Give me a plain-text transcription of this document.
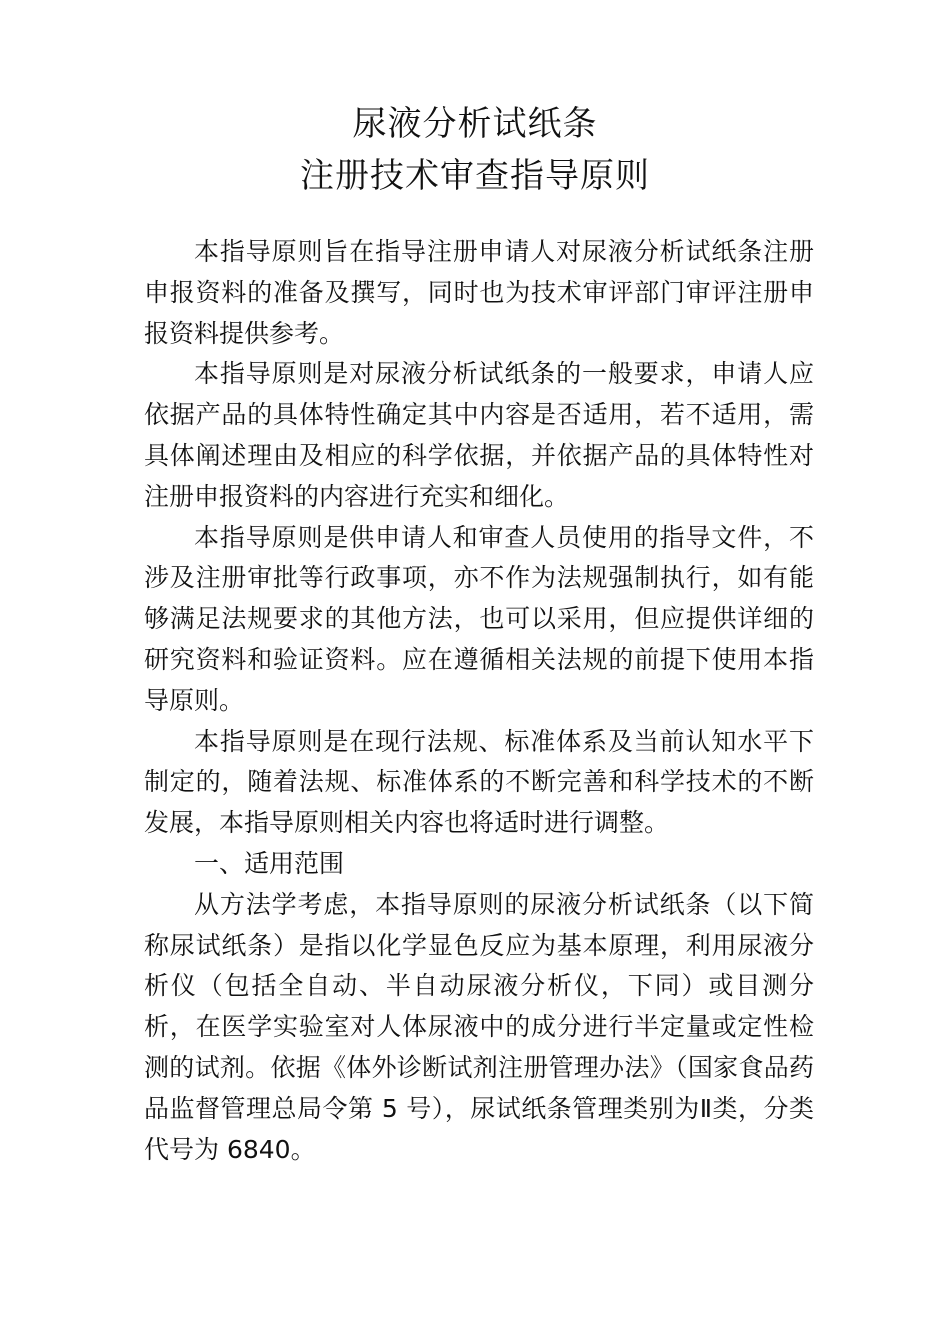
尿液分析试纸条
注册技术审查指导原则

本指导原则旨在指导注册申请人对尿液分析试纸条注册申报资料的准备及撰写，同时也为技术审评部门审评注册申报资料提供参考。

本指导原则是对尿液分析试纸条的一般要求，申请人应依据产品的具体特性确定其中内容是否适用，若不适用，需具体阐述理由及相应的科学依据，并依据产品的具体特性对注册申报资料的内容进行充实和细化。

本指导原则是供申请人和审查人员使用的指导文件，不涉及注册审批等行政事项，亦不作为法规强制执行，如有能够满足法规要求的其他方法，也可以采用，但应提供详细的研究资料和验证资料。应在遵循相关法规的前提下使用本指导原则。

本指导原则是在现行法规、标准体系及当前认知水平下制定的，随着法规、标准体系的不断完善和科学技术的不断发展，本指导原则相关内容也将适时进行调整。

一、适用范围

从方法学考虑，本指导原则的尿液分析试纸条（以下简称尿试纸条）是指以化学显色反应为基本原理，利用尿液分析仪（包括全自动、半自动尿液分析仪，下同）或目测分析，在医学实验室对人体尿液中的成分进行半定量或定性检测的试剂。依据《体外诊断试剂注册管理办法》（国家食品药品监督管理总局令第 5 号），尿试纸条管理类别为Ⅱ类，分类代号为 6840。
